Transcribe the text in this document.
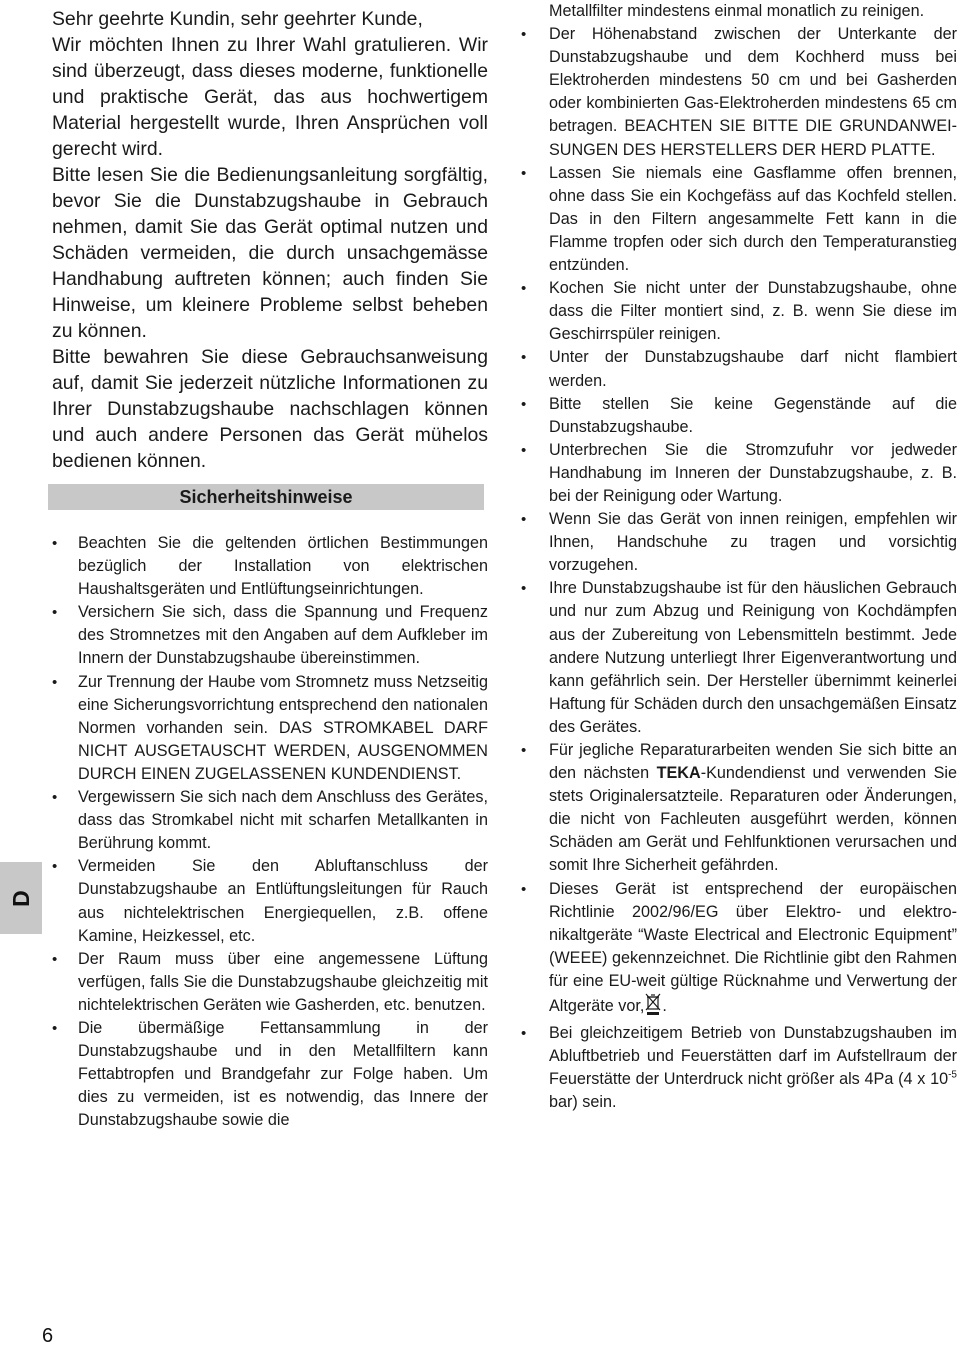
D
6

Sehr geehrte Kundin, sehr geehrter Kunde,

Wir möchten Ihnen zu Ihrer Wahl gratulieren. Wir sind überzeugt, dass dieses moderne, funktionelle und praktische Gerät, das aus hochwertigem Material hergestellt wurde, Ihren Ansprüchen voll gerecht wird.

Bitte lesen Sie die Bedienungsanleitung sorgfältig, bevor Sie die Dunstabzugshaube in Gebrauch nehmen, damit Sie das Gerät optimal nutzen und Schäden vermeiden, die durch unsachgemässe Handhabung auftreten können; auch finden Sie Hinweise, um kleinere Probleme selbst beheben zu können.

Bitte bewahren Sie diese Gebrauchsanweisung auf, damit Sie jederzeit nützliche Informationen zu Ihrer Dunstabzugshaube nachschlagen können und auch andere Personen das Gerät mühelos bedienen können.

Sicherheitshinweise
• Beachten Sie die geltenden örtlichen Bestimmungen bezüglich der Installation von elektrischen Haushaltsgeräten und Entlüftungseinrichtungen.
• Versichern Sie sich, dass die Spannung und Frequenz des Stromnetzes mit den Angaben auf dem Aufkleber im Innern der Dunstabzugshaube übereinstimmen.
• Zur Trennung der Haube vom Stromnetz muss Netzseitig eine Sicherungsvorrichtung entsprechend den nationalen Normen vorhanden sein. DAS STROMKABEL DARF NICHT AUSGETAUSCHT WERDEN, AUSGENOMMEN DURCH EINEN ZUGELASSENEN KUNDENDIENST.
• Vergewissern Sie sich nach dem Anschluss des Gerätes, dass das Stromkabel nicht mit scharfen Metallkanten in Berührung kommt.
• Vermeiden Sie den Abluftanschluss der Dunstabzugshaube an Entlüftungsleitungen für Rauch aus nichtelektrischen Energiequellen, z.B. offene Kamine, Heizkessel, etc.
• Der Raum muss über eine angemessene Lüftung verfügen, falls Sie die Dunstabzugshaube gleichzeitig mit nichtelektrischen Geräten wie Gasherden, etc. benutzen.
• Die übermäßige Fettansammlung in der Dunstabzugshaube und in den Metallfiltern kann Fettabtropfen und Brandgefahr zur Folge haben. Um dies zu vermeiden, ist es notwendig, das Innere der Dunstabzugshaube sowie die
Metallfilter mindestens einmal monatlich zu reinigen.
• Der Höhenabstand zwischen der Unterkante der Dunstabzugshaube und dem Kochherd muss bei Elektroherden mindestens 50 cm und bei Gasherden oder kombinierten Gas-Elektroherden mindestens 65 cm betragen. BEACHTEN SIE BITTE DIE GRUNDANWEISUNGEN DES HERSTELLERS DER HERD PLATTE.
• Lassen Sie niemals eine Gasflamme offen brennen, ohne dass Sie ein Kochgefäss auf das Kochfeld stellen. Das in den Filtern angesammelte Fett kann in die Flamme tropfen oder sich durch den Temperaturanstieg entzünden.
• Kochen Sie nicht unter der Dunstabzugshaube, ohne dass die Filter montiert sind, z. B. wenn Sie diese im Geschirrspüler reinigen.
• Unter der Dunstabzugshaube darf nicht flambiert werden.
• Bitte stellen Sie keine Gegenstände auf die Dunstabzugshaube.
• Unterbrechen Sie die Stromzufuhr vor jedweder Handhabung im Inneren der Dunstabzugshaube, z. B. bei der Reinigung oder Wartung.
• Wenn Sie das Gerät von innen reinigen, empfehlen wir Ihnen, Handschuhe zu tragen und vorsichtig vorzugehen.
• Ihre Dunstabzugshaube ist für den häuslichen Gebrauch und nur zum Abzug und Reinigung von Kochdämpfen aus der Zubereitung von Lebensmitteln bestimmt. Jede andere Nutzung unterliegt Ihrer Eigenverantwortung und kann gefährlich sein. Der Hersteller übernimmt keinerlei Haftung für Schäden durch den unsachgemäßen Einsatz des Gerätes.
• Für jegliche Reparaturarbeiten wenden Sie sich bitte an den nächsten TEKA-Kundendienst und verwenden Sie stets Originalersatzteile. Reparaturen oder Änderungen, die nicht von Fachleuten ausgeführt werden, können Schäden am Gerät und Fehlfunktionen verursachen und somit Ihre Sicherheit gefährden.
• Dieses Gerät ist entsprechend der europäischen Richtlinie 2002/96/EG über Elektro- und elektronikaltgeräte “Waste Electrical and Electronic Equipment” (WEEE) gekennzeichnet. Die Richtlinie gibt den Rahmen für eine EU-weit gültige Rücknahme und Verwertung der Altgeräte vor, .
• Bei gleichzeitigem Betrieb von Dunstabzugshauben im Abluftbetrieb und Feuerstätten darf im Aufstellraum der Feuerstätte der Unterdruck nicht größer als 4Pa (4 x $10^{-5}$ bar) sein.
